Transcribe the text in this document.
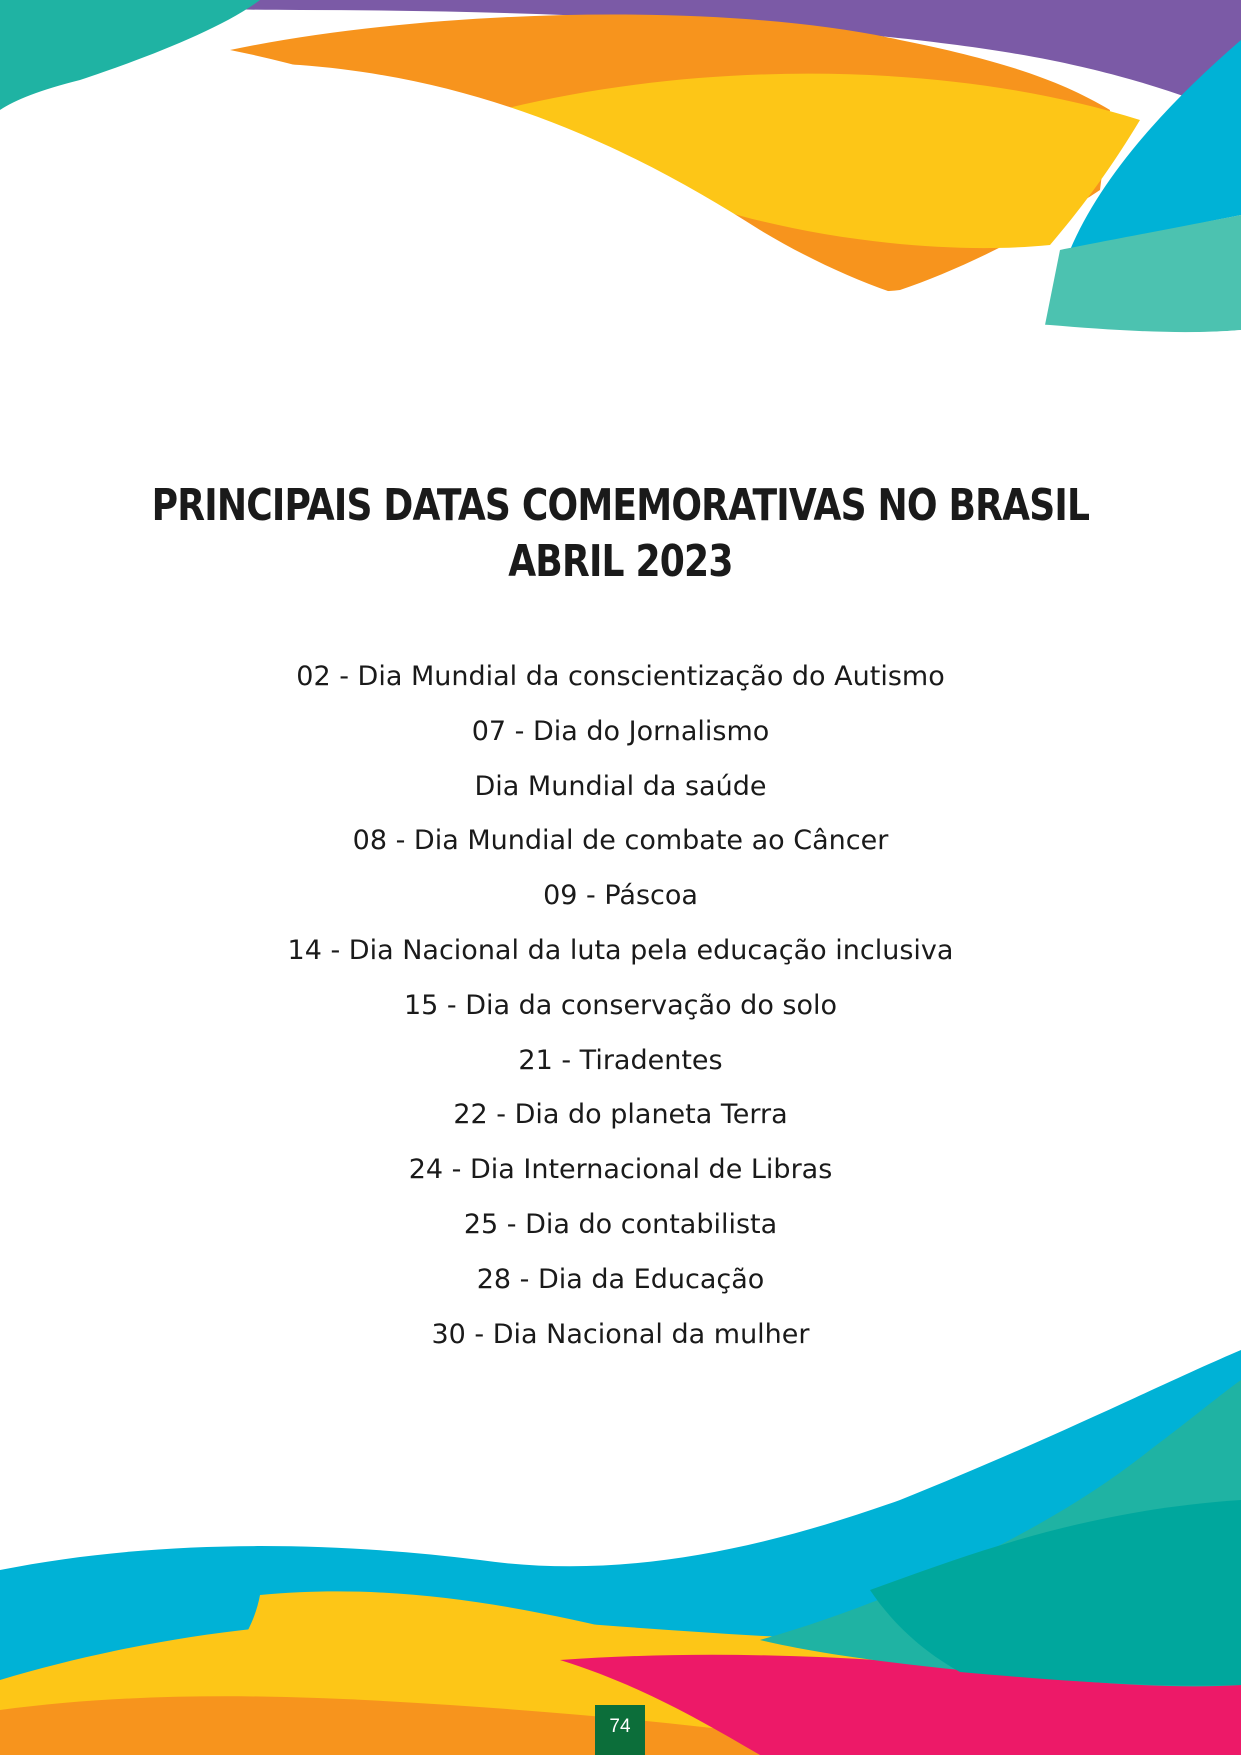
PRINCIPAIS DATAS COMEMORATIVAS NO BRASIL
ABRIL 2023
02 - Dia Mundial da conscientização do Autismo
07 - Dia do Jornalismo
Dia Mundial da saúde
08 - Dia Mundial de combate ao Câncer
09 - Páscoa
14 - Dia Nacional da luta pela educação inclusiva
15 - Dia da conservação do solo
21 - Tiradentes
22 - Dia do planeta Terra
24 - Dia Internacional de Libras
25 - Dia do contabilista
28 - Dia da Educação
30 - Dia Nacional da mulher
74
